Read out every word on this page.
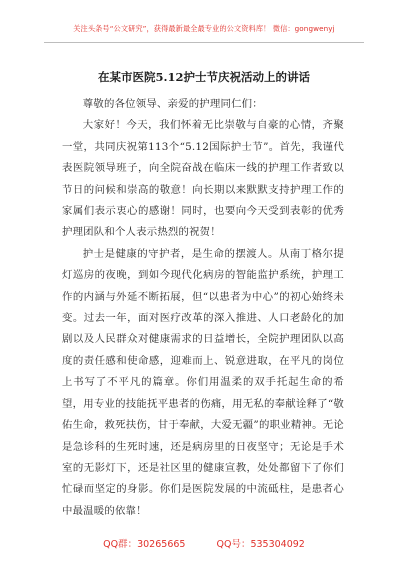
关注头条号“公文研究”，获得最新最全最专业的公文资料库！ 微信：gongwenyj
在某市医院5.12护士节庆祝活动上的讲话

尊敬的各位领导、亲爱的护理同仁们：

大家好！今天，我们怀着无比崇敬与自豪的心情，齐聚一堂，共同庆祝第113个“5.12国际护士节”。首先，我谨代表医院领导班子，向全院奋战在临床一线的护理工作者致以节日的问候和崇高的敬意！向长期以来默默支持护理工作的家属们表示衷心的感谢！同时，也要向今天受到表彰的优秀护理团队和个人表示热烈的祝贺！

护士是健康的守护者，是生命的摆渡人。从南丁格尔提灯巡房的夜晚，到如今现代化病房的智能监护系统，护理工作的内涵与外延不断拓展，但“以患者为中心”的初心始终未变。过去一年，面对医疗改革的深入推进、人口老龄化的加剧以及人民群众对健康需求的日益增长，全院护理团队以高度的责任感和使命感，迎难而上、锐意进取，在平凡的岗位上书写了不平凡的篇章。你们用温柔的双手托起生命的希望，用专业的技能抚平患者的伤痛，用无私的奉献诠释了“敬佑生命，救死扶伤，甘于奉献，大爱无疆”的职业精神。无论是急诊科的生死时速，还是病房里的日夜坚守；无论是手术室的无影灯下，还是社区里的健康宣教，处处都留下了你们忙碌而坚定的身影。你们是医院发展的中流砥柱，是患者心中最温暖的依靠！

QQ群：30265665	QQ号：535304092
